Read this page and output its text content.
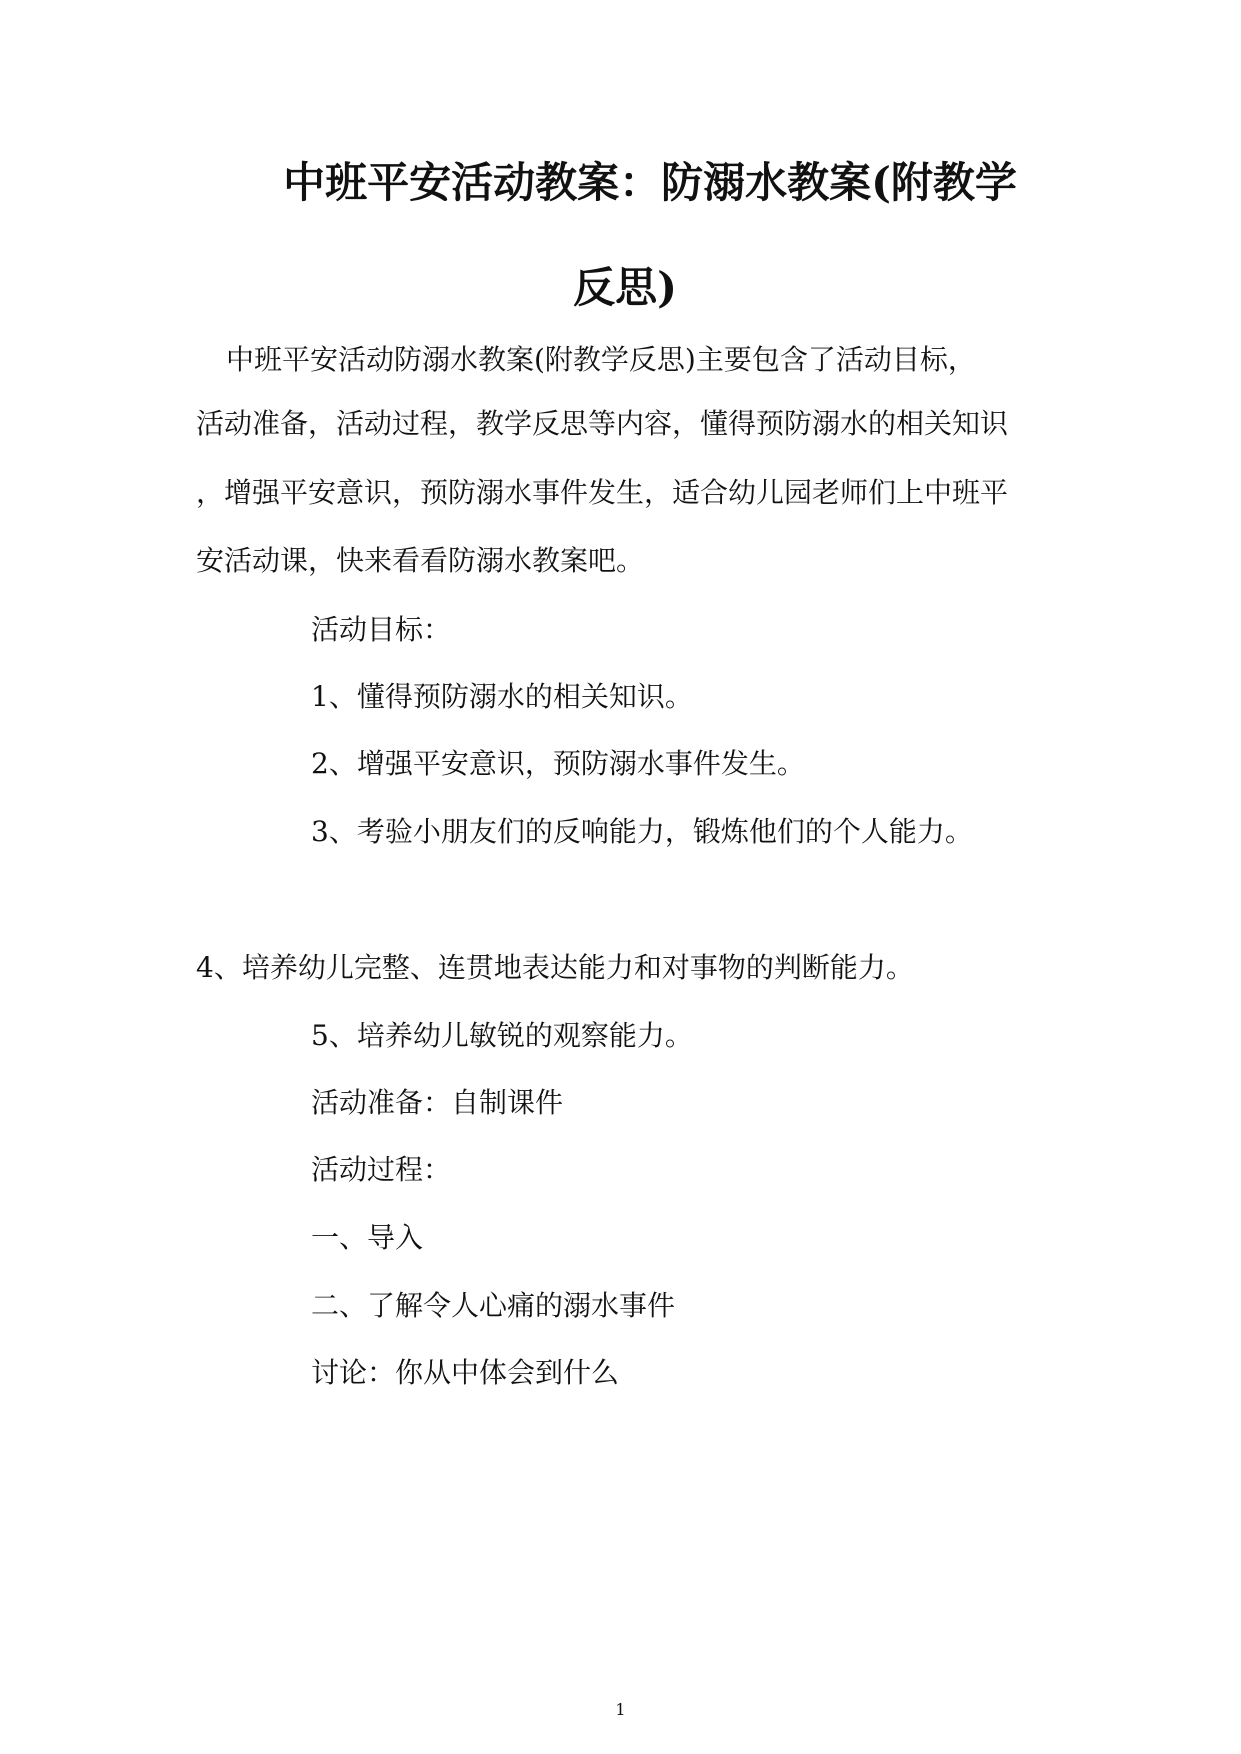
中班平安活动教案：防溺水教案(附教学
反思)
中班平安活动防溺水教案(附教学反思)主要包含了活动目标，
活动准备，活动过程，教学反思等内容，懂得预防溺水的相关知识
，增强平安意识，预防溺水事件发生，适合幼儿园老师们上中班平
安活动课，快来看看防溺水教案吧。
活动目标：
1、懂得预防溺水的相关知识。
2、增强平安意识，预防溺水事件发生。
3、考验小朋友们的反响能力，锻炼他们的个人能力。
4、培养幼儿完整、连贯地表达能力和对事物的判断能力。
5、培养幼儿敏锐的观察能力。
活动准备：自制课件
活动过程：
一、导入
二、了解令人心痛的溺水事件
讨论：你从中体会到什么
1
